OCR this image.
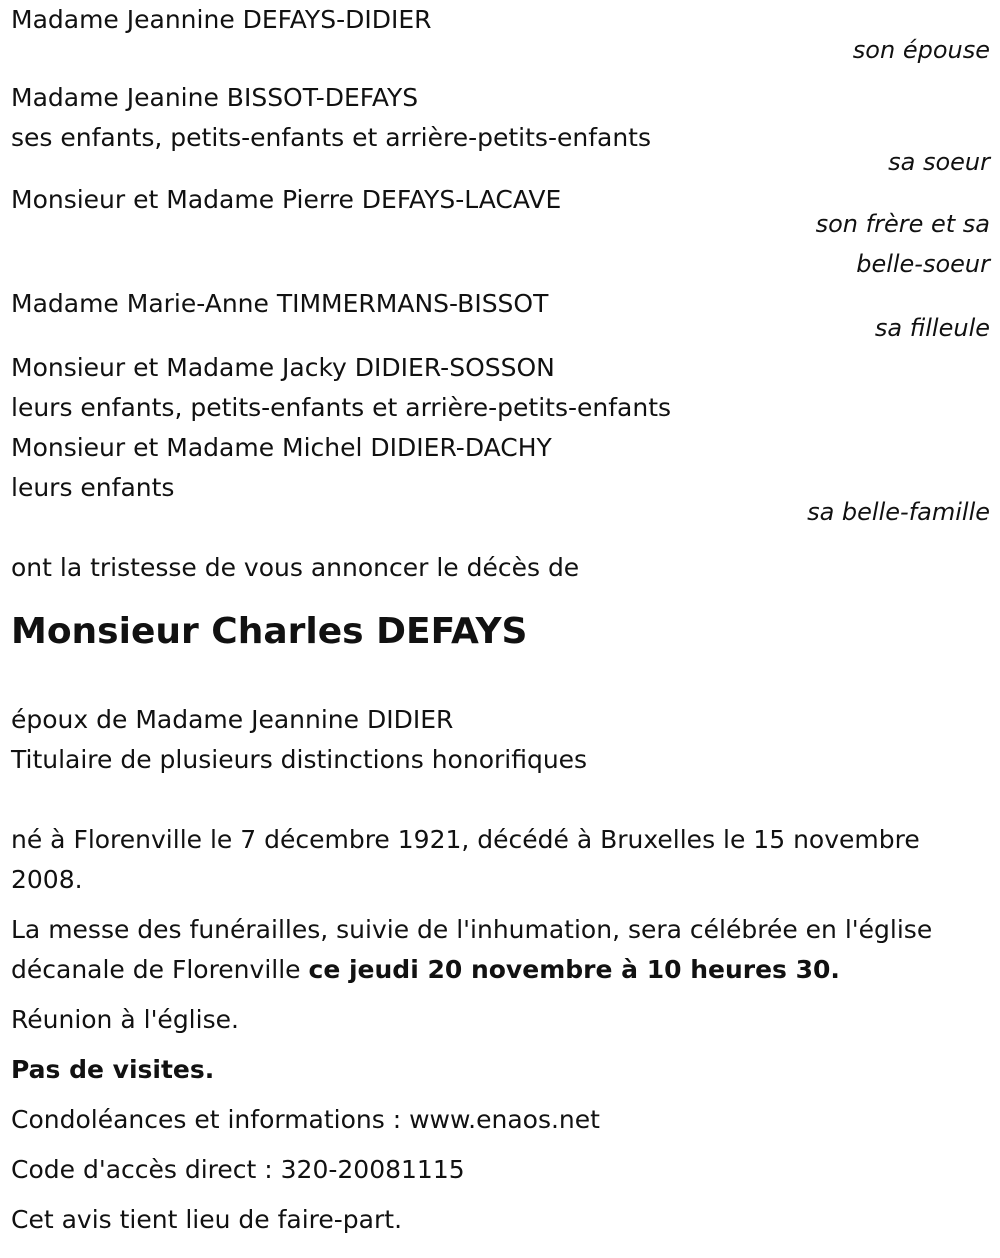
Madame Jeannine DEFAYS-DIDIER
son épouse
Madame Jeanine BISSOT-DEFAYS
ses enfants, petits-enfants et arrière-petits-enfants
sa soeur
Monsieur et Madame Pierre DEFAYS-LACAVE
son frère et sa
belle-soeur
Madame Marie-Anne TIMMERMANS-BISSOT
sa filleule
Monsieur et Madame Jacky DIDIER-SOSSON
leurs enfants, petits-enfants et arrière-petits-enfants
Monsieur et Madame Michel DIDIER-DACHY
leurs enfants
sa belle-famille
ont la tristesse de vous annoncer le décès de
Monsieur Charles DEFAYS
époux de Madame Jeannine DIDIER
Titulaire de plusieurs distinctions honorifiques

né à Florenville le 7 décembre 1921, décédé à Bruxelles le 15 novembre 2008.

La messe des funérailles, suivie de l'inhumation, sera célébrée en l'église décanale de Florenville ce jeudi 20 novembre à 10 heures 30.

Réunion à l'église.

Pas de visites.

Condoléances et informations : www.enaos.net

Code d'accès direct : 320-20081115

Cet avis tient lieu de faire-part.
